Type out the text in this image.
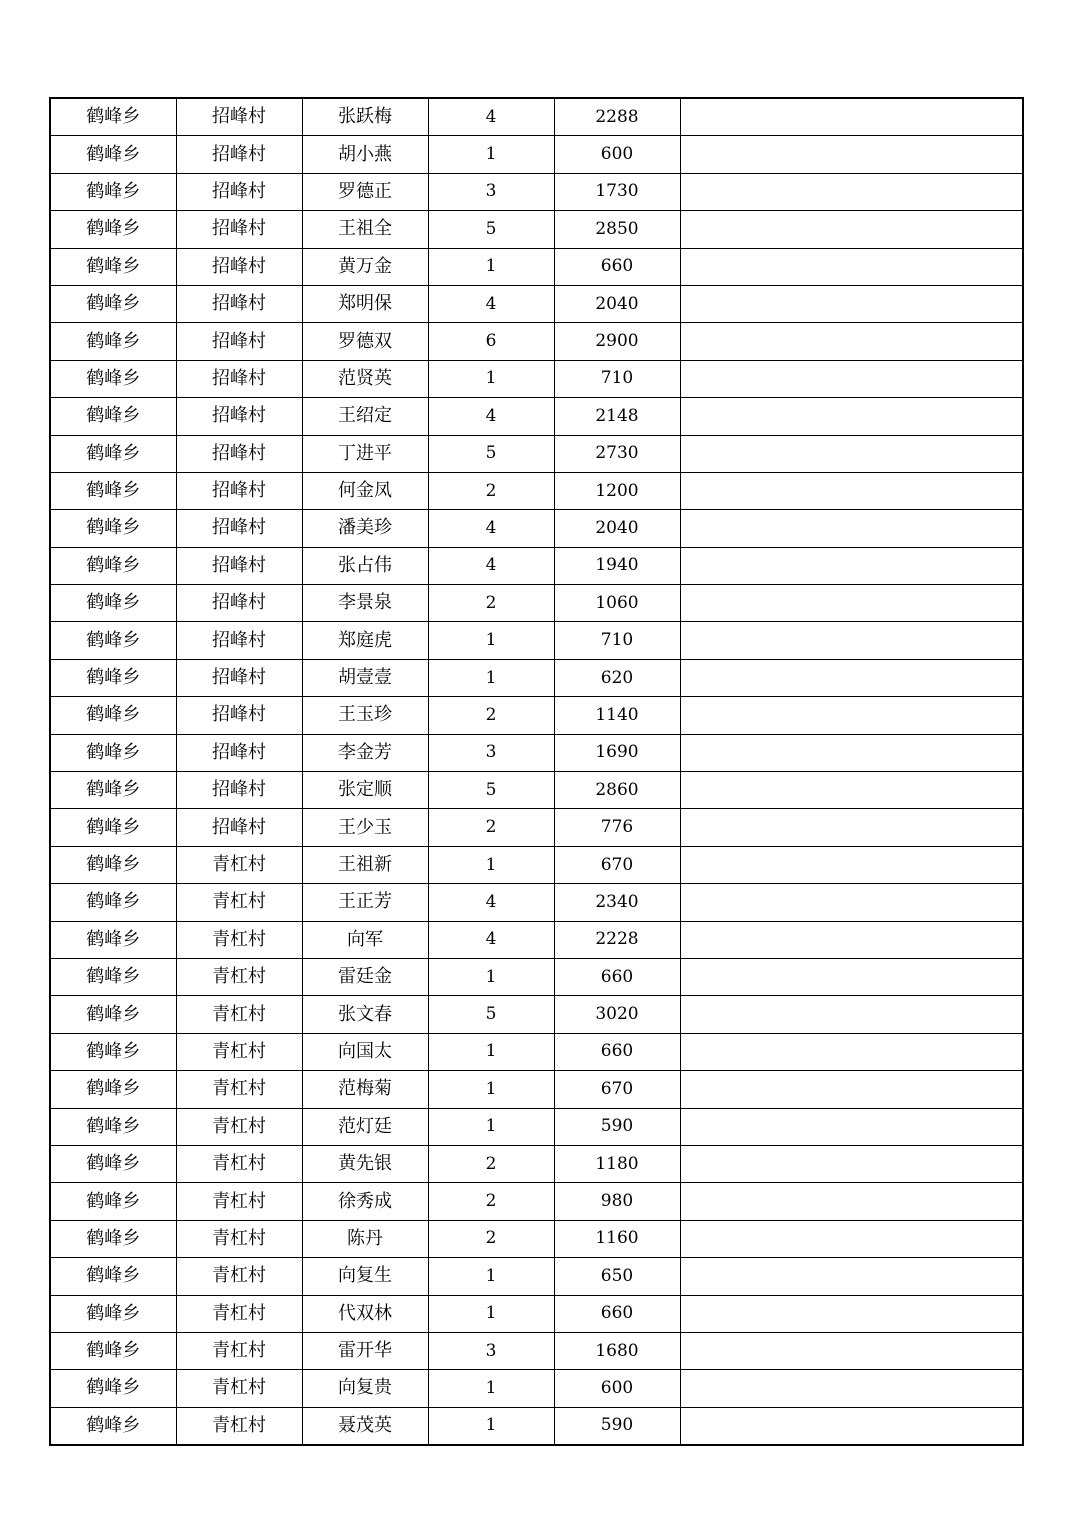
鹤峰乡	招峰村	张跃梅	4	2288	
鹤峰乡	招峰村	胡小燕	1	600	
鹤峰乡	招峰村	罗德正	3	1730	
鹤峰乡	招峰村	王祖全	5	2850	
鹤峰乡	招峰村	黄万金	1	660	
鹤峰乡	招峰村	郑明保	4	2040	
鹤峰乡	招峰村	罗德双	6	2900	
鹤峰乡	招峰村	范贤英	1	710	
鹤峰乡	招峰村	王绍定	4	2148	
鹤峰乡	招峰村	丁进平	5	2730	
鹤峰乡	招峰村	何金凤	2	1200	
鹤峰乡	招峰村	潘美珍	4	2040	
鹤峰乡	招峰村	张占伟	4	1940	
鹤峰乡	招峰村	李景泉	2	1060	
鹤峰乡	招峰村	郑庭虎	1	710	
鹤峰乡	招峰村	胡壹壹	1	620	
鹤峰乡	招峰村	王玉珍	2	1140	
鹤峰乡	招峰村	李金芳	3	1690	
鹤峰乡	招峰村	张定顺	5	2860	
鹤峰乡	招峰村	王少玉	2	776	
鹤峰乡	青杠村	王祖新	1	670	
鹤峰乡	青杠村	王正芳	4	2340	
鹤峰乡	青杠村	向军	4	2228	
鹤峰乡	青杠村	雷廷金	1	660	
鹤峰乡	青杠村	张文春	5	3020	
鹤峰乡	青杠村	向国太	1	660	
鹤峰乡	青杠村	范梅菊	1	670	
鹤峰乡	青杠村	范灯廷	1	590	
鹤峰乡	青杠村	黄先银	2	1180	
鹤峰乡	青杠村	徐秀成	2	980	
鹤峰乡	青杠村	陈丹	2	1160	
鹤峰乡	青杠村	向复生	1	650	
鹤峰乡	青杠村	代双林	1	660	
鹤峰乡	青杠村	雷开华	3	1680	
鹤峰乡	青杠村	向复贵	1	600	
鹤峰乡	青杠村	聂茂英	1	590	
